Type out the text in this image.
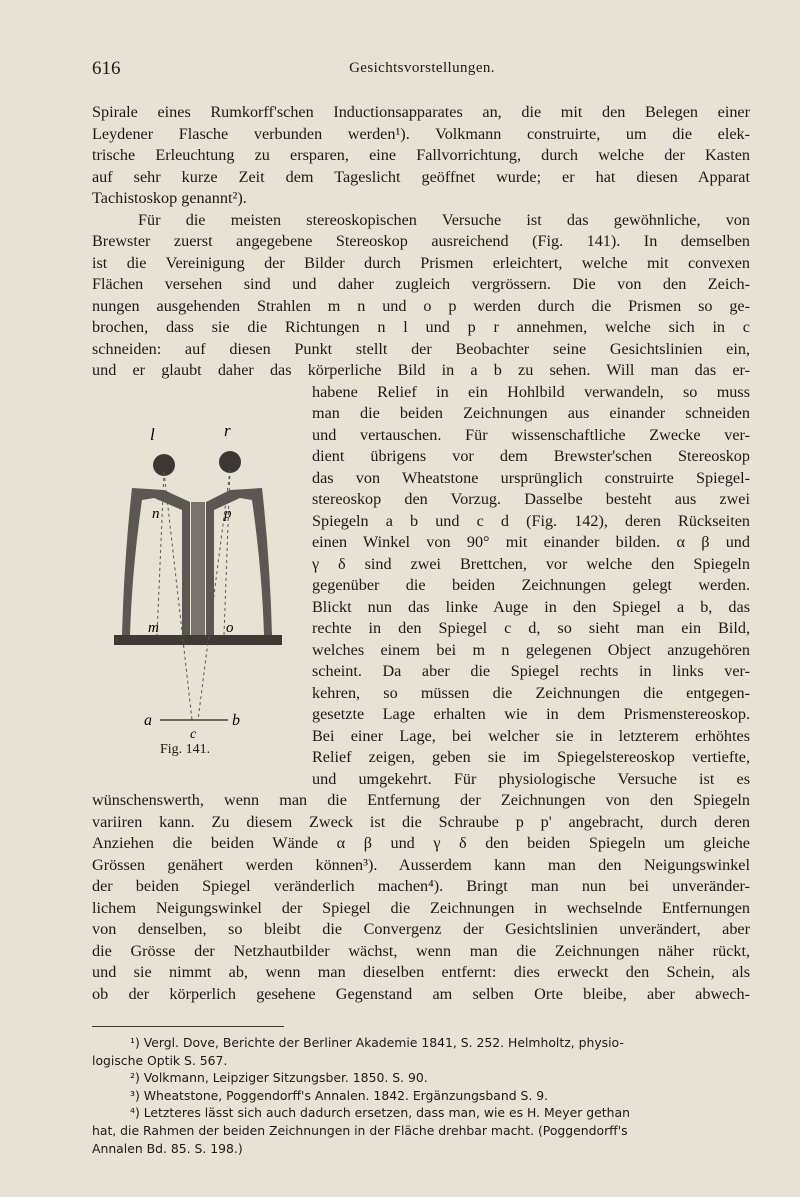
616	Gesichtsvorstellungen.
Spirale eines Rumkorff'schen Inductionsapparates an, die mit den Belegen einer
Leydener Flasche verbunden werden¹). Volkmann construirte, um die elek-
trische Erleuchtung zu ersparen, eine Fallvorrichtung, durch welche der Kasten
auf sehr kurze Zeit dem Tageslicht geöffnet wurde; er hat diesen Apparat
Tachistoskop genannt²).
Für die meisten stereoskopischen Versuche ist das gewöhnliche, von
Brewster zuerst angegebene Stereoskop ausreichend (Fig. 141). In demselben
ist die Vereinigung der Bilder durch Prismen erleichtert, welche mit convexen
Flächen versehen sind und daher zugleich vergrössern. Die von den Zeich-
nungen ausgehenden Strahlen m n und o p werden durch die Prismen so ge-
brochen, dass sie die Richtungen n l und p r annehmen, welche sich in c
schneiden: auf diesen Punkt stellt der Beobachter seine Gesichtslinien ein,
und er glaubt daher das körperliche Bild in a b zu sehen. Will man das er-
l	r
n	p
m	o
a	b
c
Fig. 141.
habene Relief in ein Hohlbild verwandeln, so muss
man die beiden Zeichnungen aus einander schneiden
und vertauschen. Für wissenschaftliche Zwecke ver-
dient übrigens vor dem Brewster'schen Stereoskop
das von Wheatstone ursprünglich construirte Spiegel-
stereoskop den Vorzug. Dasselbe besteht aus zwei
Spiegeln a b und c d (Fig. 142), deren Rückseiten
einen Winkel von 90° mit einander bilden. α β und
γ δ sind zwei Brettchen, vor welche den Spiegeln
gegenüber die beiden Zeichnungen gelegt werden.
Blickt nun das linke Auge in den Spiegel a b, das
rechte in den Spiegel c d, so sieht man ein Bild,
welches einem bei m n gelegenen Object anzugehören
scheint. Da aber die Spiegel rechts in links ver-
kehren, so müssen die Zeichnungen die entgegen-
gesetzte Lage erhalten wie in dem Prismenstereoskop.
Bei einer Lage, bei welcher sie in letzterem erhöhtes
Relief zeigen, geben sie im Spiegelstereoskop vertiefte,
und umgekehrt. Für physiologische Versuche ist es
wünschenswerth, wenn man die Entfernung der Zeichnungen von den Spiegeln
variiren kann. Zu diesem Zweck ist die Schraube p p' angebracht, durch deren
Anziehen die beiden Wände α β und γ δ den beiden Spiegeln um gleiche
Grössen genähert werden können³). Ausserdem kann man den Neigungswinkel
der beiden Spiegel veränderlich machen⁴). Bringt man nun bei unveränder-
lichem Neigungswinkel der Spiegel die Zeichnungen in wechselnde Entfernungen
von denselben, so bleibt die Convergenz der Gesichtslinien unverändert, aber
die Grösse der Netzhautbilder wächst, wenn man die Zeichnungen näher rückt,
und sie nimmt ab, wenn man dieselben entfernt: dies erweckt den Schein, als
ob der körperlich gesehene Gegenstand am selben Orte bleibe, aber abwech-
¹) Vergl. Dove, Berichte der Berliner Akademie 1841, S. 252. Helmholtz, physio-
logische Optik S. 567.
²) Volkmann, Leipziger Sitzungsber. 1850. S. 90.
³) Wheatstone, Poggendorff's Annalen. 1842. Ergänzungsband S. 9.
⁴) Letzteres lässt sich auch dadurch ersetzen, dass man, wie es H. Meyer gethan
hat, die Rahmen der beiden Zeichnungen in der Fläche drehbar macht. (Poggendorff's
Annalen Bd. 85. S. 198.)
